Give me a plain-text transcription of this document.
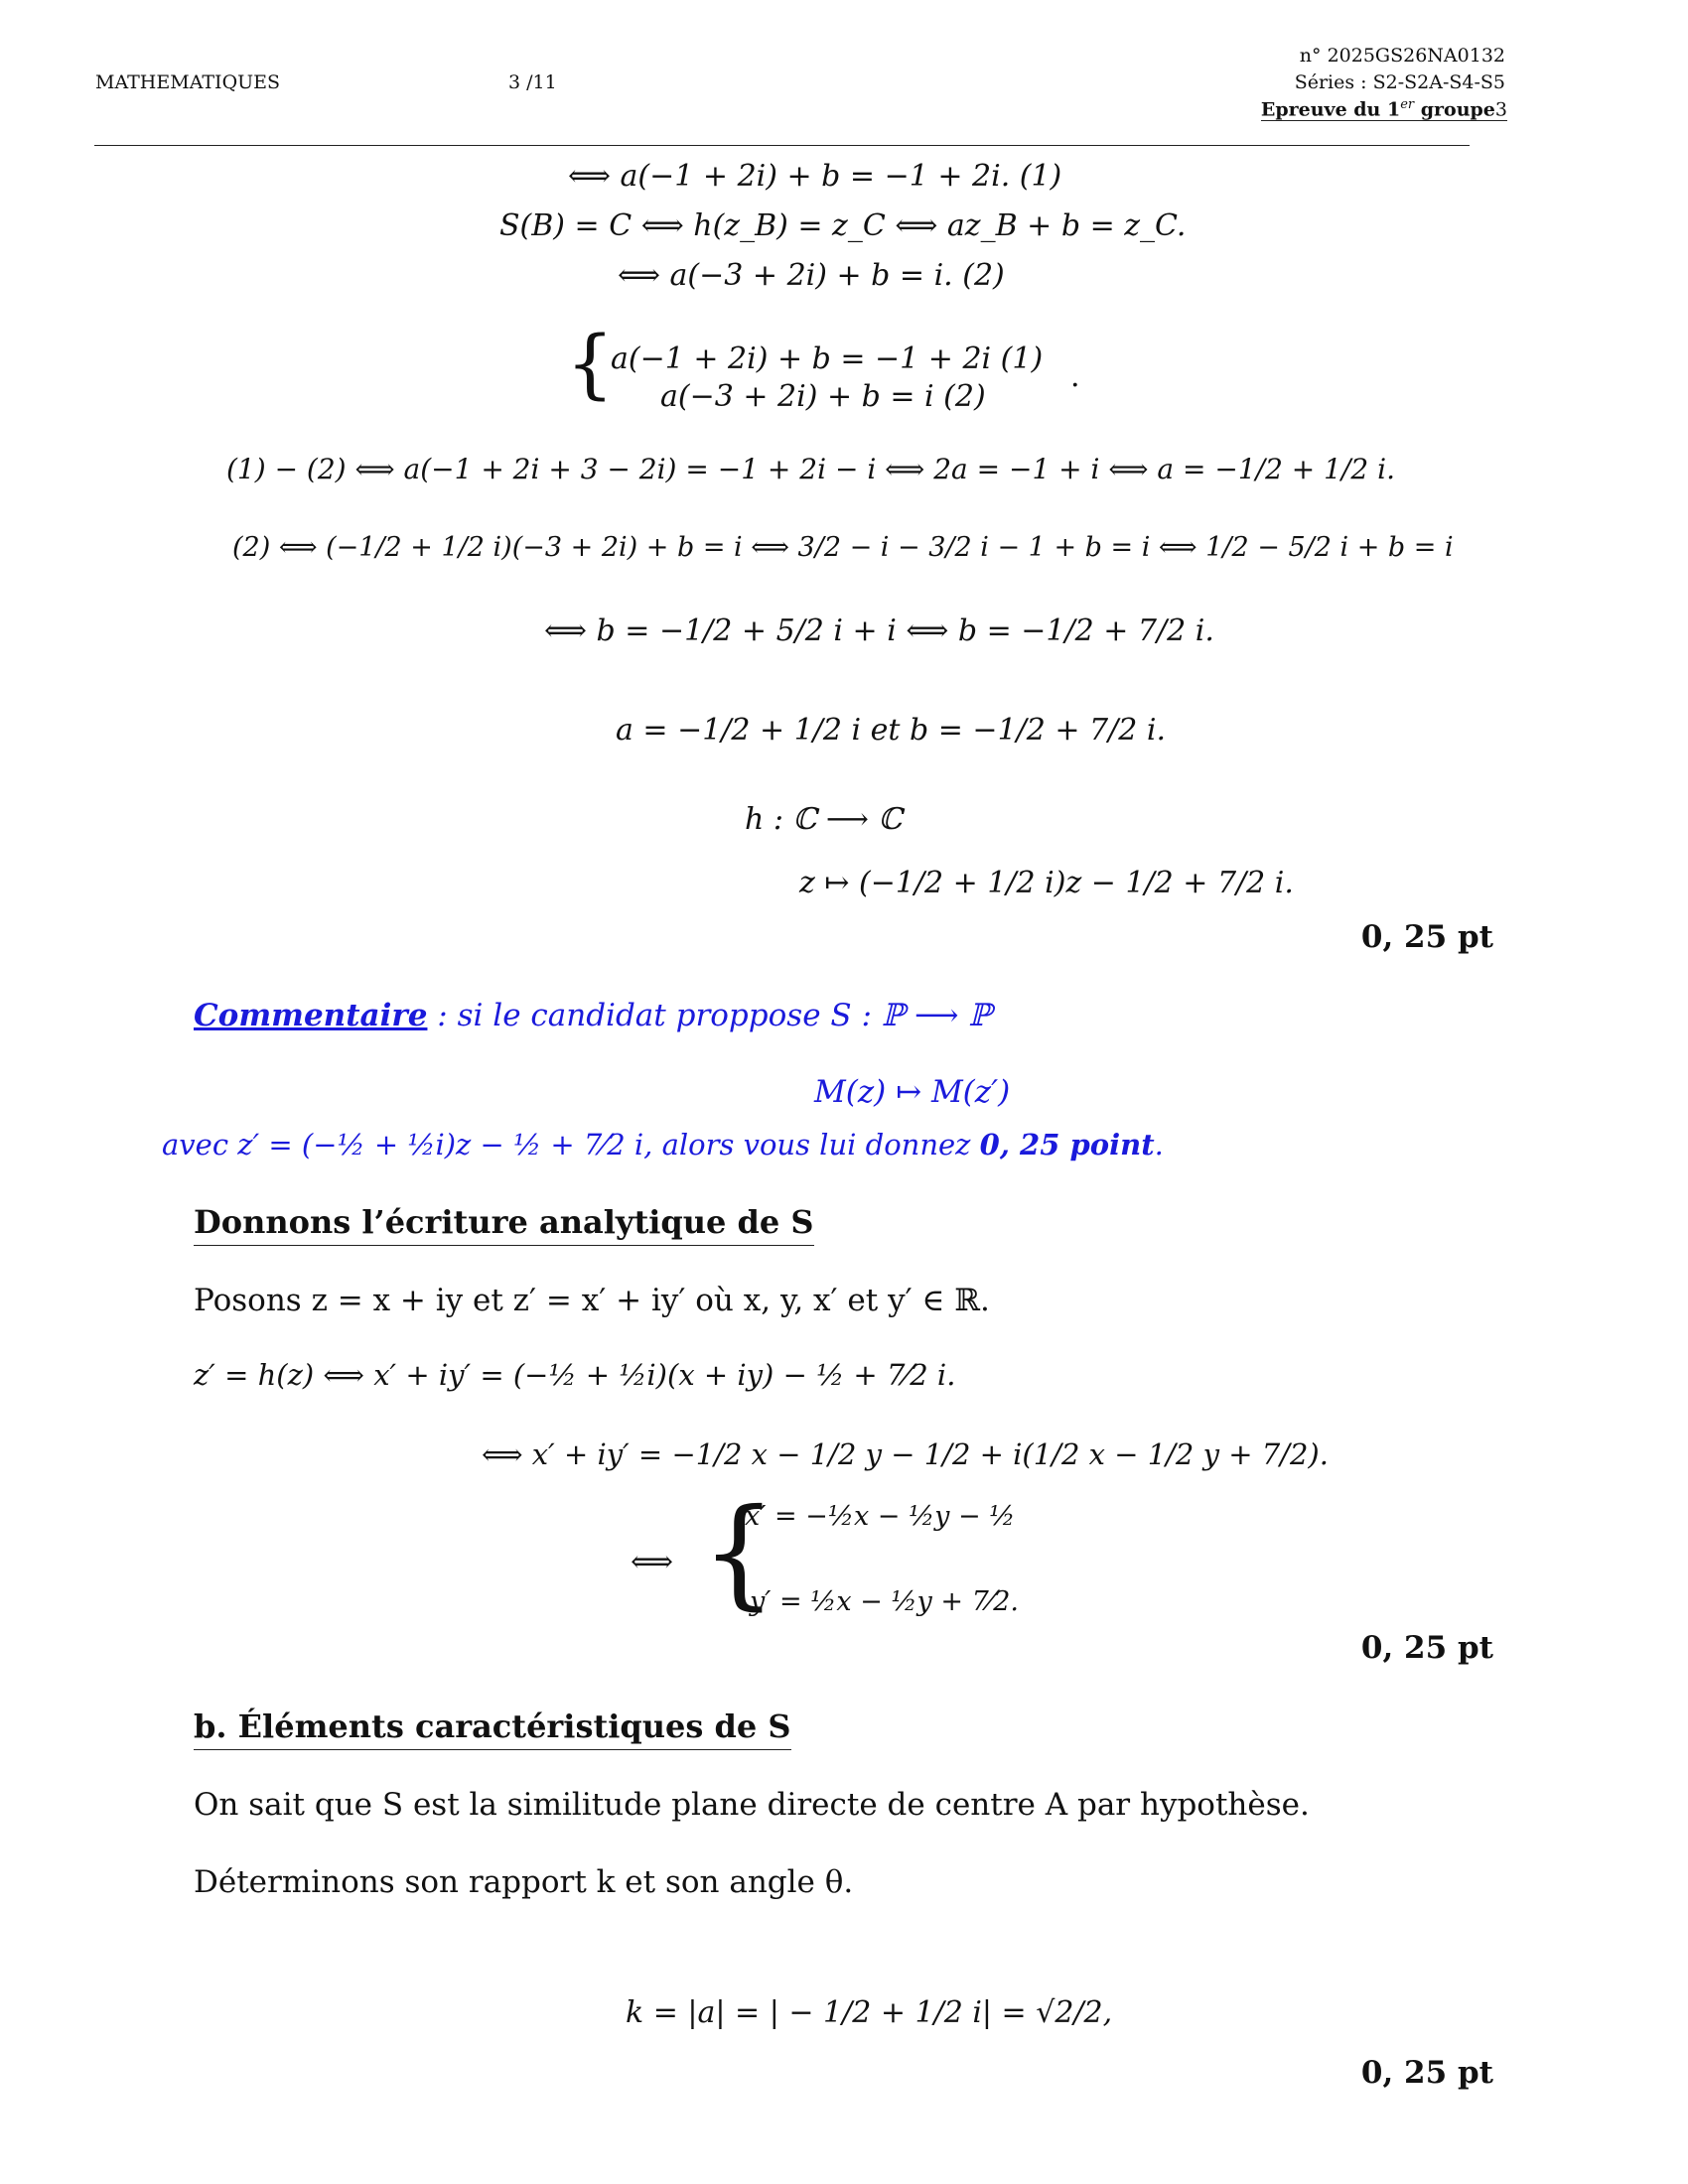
MATHEMATIQUES	3 /11
n° 2025GS26NA0132
Séries : S2-S2A-S4-S5
Epreuve du 1er groupe3
⟺ a(−1 + 2i) + b = −1 + 2i. (1)
S(B) = C ⟺ h(z_B) = z_C ⟺ az_B + b = z_C.
⟺ a(−3 + 2i) + b = i. (2)
{
a(−1 + 2i) + b = −1 + 2i (1)
a(−3 + 2i) + b = i (2)
.
(1) − (2) ⟺ a(−1 + 2i + 3 − 2i) = −1 + 2i − i ⟺ 2a = −1 + i ⟺ a = −1/2 + 1/2 i.
(2) ⟺ (−1/2 + 1/2 i)(−3 + 2i) + b = i ⟺ 3/2 − i − 3/2 i − 1 + b = i ⟺ 1/2 − 5/2 i + b = i
⟺ b = −1/2 + 5/2 i + i ⟺ b = −1/2 + 7/2 i.
a = −1/2 + 1/2 i et b = −1/2 + 7/2 i.
h : ℂ ⟶ ℂ
z ↦ (−1/2 + 1/2 i)z − 1/2 + 7/2 i.
0, 25 pt
Commentaire : si le candidat proppose S : ℙ ⟶ ℙ
M(z) ↦ M(z′)
avec z′ = (−½ + ½i)z − ½ + 7⁄2 i, alors vous lui donnez 0, 25 point.
Donnons l’écriture analytique de S
Posons z = x + iy et z′ = x′ + iy′ où x, y, x′ et y′ ∈ ℝ.
z′ = h(z) ⟺ x′ + iy′ = (−½ + ½i)(x + iy) − ½ + 7⁄2 i.
⟺ x′ + iy′ = −1/2 x − 1/2 y − 1/2 + i(1/2 x − 1/2 y + 7/2).
⟺ {
x′ = −½x − ½y − ½
y′ = ½x − ½y + 7⁄2.
0, 25 pt
b. Éléments caractéristiques de S
On sait que S est la similitude plane directe de centre A par hypothèse.
Déterminons son rapport k et son angle θ.
k = |a| = | − 1/2 + 1/2 i| = √2/2,
0, 25 pt
